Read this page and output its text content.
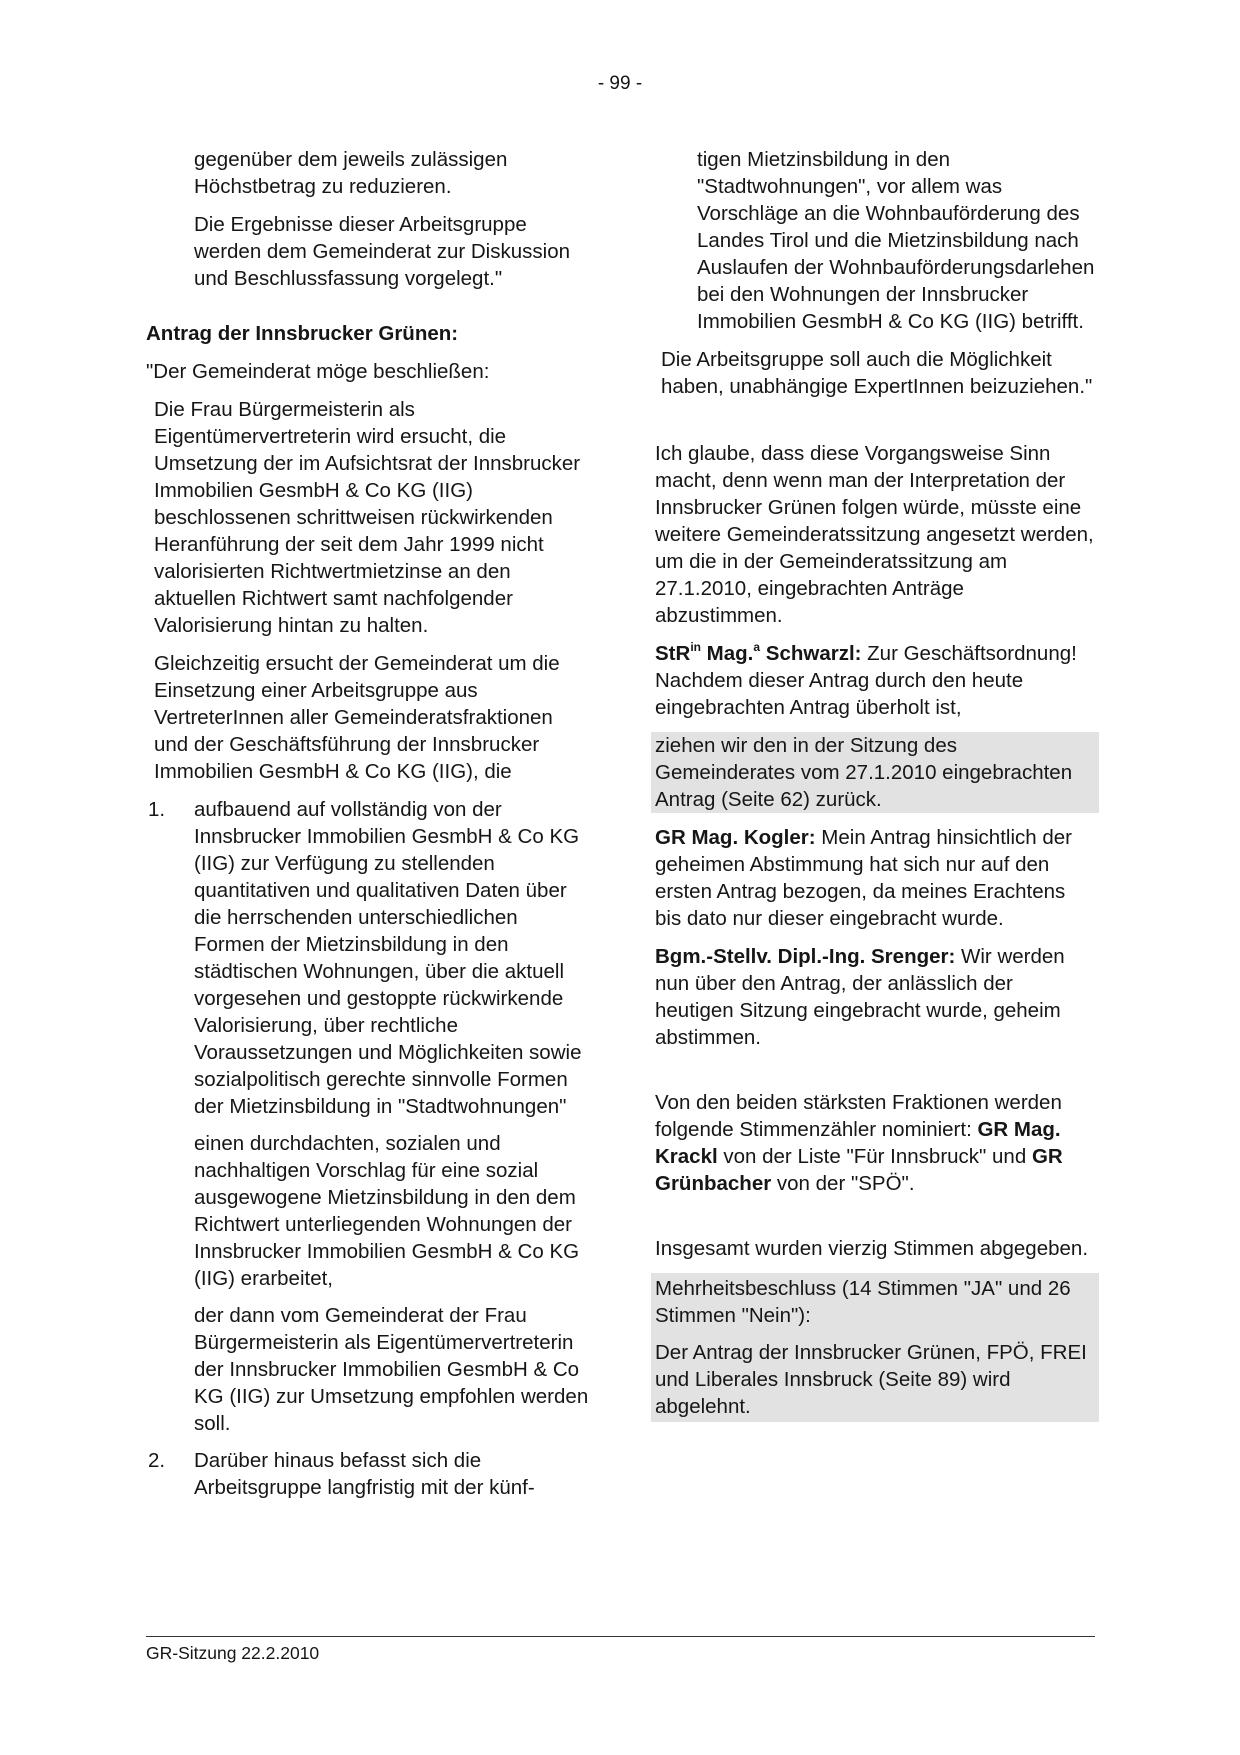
- 99 -

gegenüber dem jeweils zulässigen Höchstbetrag zu reduzieren.

Die Ergebnisse dieser Arbeitsgruppe werden dem Gemeinderat zur Diskussion und Beschlussfassung vorgelegt."

Antrag der Innsbrucker Grünen:

"Der Gemeinderat möge beschließen:

Die Frau Bürgermeisterin als Eigentümervertreterin wird ersucht, die Umsetzung der im Aufsichtsrat der Innsbrucker Immobilien GesmbH & Co KG (IIG) beschlossenen schrittweisen rückwirkenden Heranführung der seit dem Jahr 1999 nicht valorisierten Richtwertmietzinse an den aktuellen Richtwert samt nachfolgender Valorisierung hintan zu halten.

Gleichzeitig ersucht der Gemeinderat um die Einsetzung einer Arbeitsgruppe aus VertreterInnen aller Gemeinderatsfraktionen und der Geschäftsführung der Innsbrucker Immobilien GesmbH & Co KG (IIG), die

1. aufbauend auf vollständig von der Innsbrucker Immobilien GesmbH & Co KG (IIG) zur Verfügung zu stellenden quantitativen und qualitativen Daten über die herrschenden unterschiedlichen Formen der Mietzinsbildung in den städtischen Wohnungen, über die aktuell vorgesehen und gestoppte rückwirkende Valorisierung, über rechtliche Voraussetzungen und Möglichkeiten sowie sozialpolitisch gerechte sinnvolle Formen der Mietzinsbildung in "Stadtwohnungen"

einen durchdachten, sozialen und nachhaltigen Vorschlag für eine sozial ausgewogene Mietzinsbildung in den dem Richtwert unterliegenden Wohnungen der Innsbrucker Immobilien GesmbH & Co KG (IIG) erarbeitet,

der dann vom Gemeinderat der Frau Bürgermeisterin als Eigentümervertreterin der Innsbrucker Immobilien GesmbH & Co KG (IIG) zur Umsetzung empfohlen werden soll.

2. Darüber hinaus befasst sich die Arbeitsgruppe langfristig mit der künf-

tigen Mietzinsbildung in den "Stadtwohnungen", vor allem was Vorschläge an die Wohnbauförderung des Landes Tirol und die Mietzinsbildung nach Auslaufen der Wohnbauförderungsdarlehen bei den Wohnungen der Innsbrucker Immobilien GesmbH & Co KG (IIG) betrifft.

Die Arbeitsgruppe soll auch die Möglichkeit haben, unabhängige ExpertInnen beizuziehen."

Ich glaube, dass diese Vorgangsweise Sinn macht, denn wenn man der Interpretation der Innsbrucker Grünen folgen würde, müsste eine weitere Gemeinderatssitzung angesetzt werden, um die in der Gemeinderatssitzung am 27.1.2010, eingebrachten Anträge abzustimmen.

StR$^{in}$ Mag.$^a$ Schwarzl: Zur Geschäftsordnung! Nachdem dieser Antrag durch den heute eingebrachten Antrag überholt ist,

ziehen wir den in der Sitzung des Gemeinderates vom 27.1.2010 eingebrachten Antrag (Seite 62) zurück.

GR Mag. Kogler: Mein Antrag hinsichtlich der geheimen Abstimmung hat sich nur auf den ersten Antrag bezogen, da meines Erachtens bis dato nur dieser eingebracht wurde.

Bgm.-Stellv. Dipl.-Ing. Srenger: Wir werden nun über den Antrag, der anlässlich der heutigen Sitzung eingebracht wurde, geheim abstimmen.

Von den beiden stärksten Fraktionen werden folgende Stimmenzähler nominiert: GR Mag. Krackl von der Liste "Für Innsbruck" und GR Grünbacher von der "SPÖ".

Insgesamt wurden vierzig Stimmen abgegeben.

Mehrheitsbeschluss (14 Stimmen "JA" und 26 Stimmen "Nein"):

Der Antrag der Innsbrucker Grünen, FPÖ, FREI und Liberales Innsbruck (Seite 89) wird abgelehnt.

GR-Sitzung 22.2.2010
